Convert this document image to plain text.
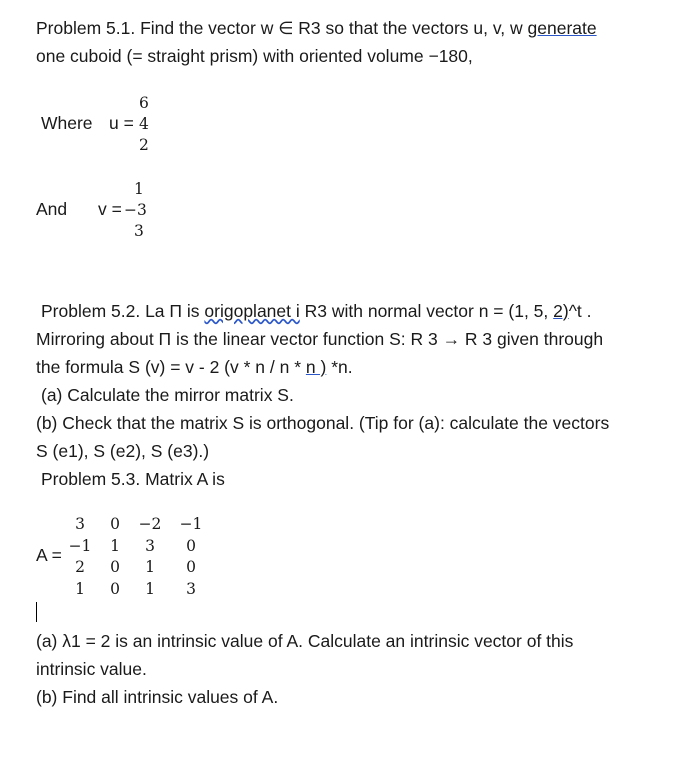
Problem 5.1. Find the vector w ∈ R3 so that the vectors u, v, w generate
one cuboid (= straight prism) with oriented volume −180,
Where u =
6
4
2
And v =
1
−3
3
Problem 5.2. La Π is origoplanet i R3 with normal vector n = (1, 5, 2)^t .
Mirroring about Π is the linear vector function S: R 3 → R 3 given through
the formula S (v) = v - 2 (v * n / n * n ) *n.
(a) Calculate the mirror matrix S.
(b) Check that the matrix S is orthogonal. (Tip for (a): calculate the vectors
S (e1), S (e2), S (e3).)
Problem 5.3. Matrix A is
A =
3	0	−2 −1
−1	1	3	0
2	0	1	0
1	0	1	3
(a) λ1 = 2 is an intrinsic value of A. Calculate an intrinsic vector of this
intrinsic value.
(b) Find all intrinsic values of A.
